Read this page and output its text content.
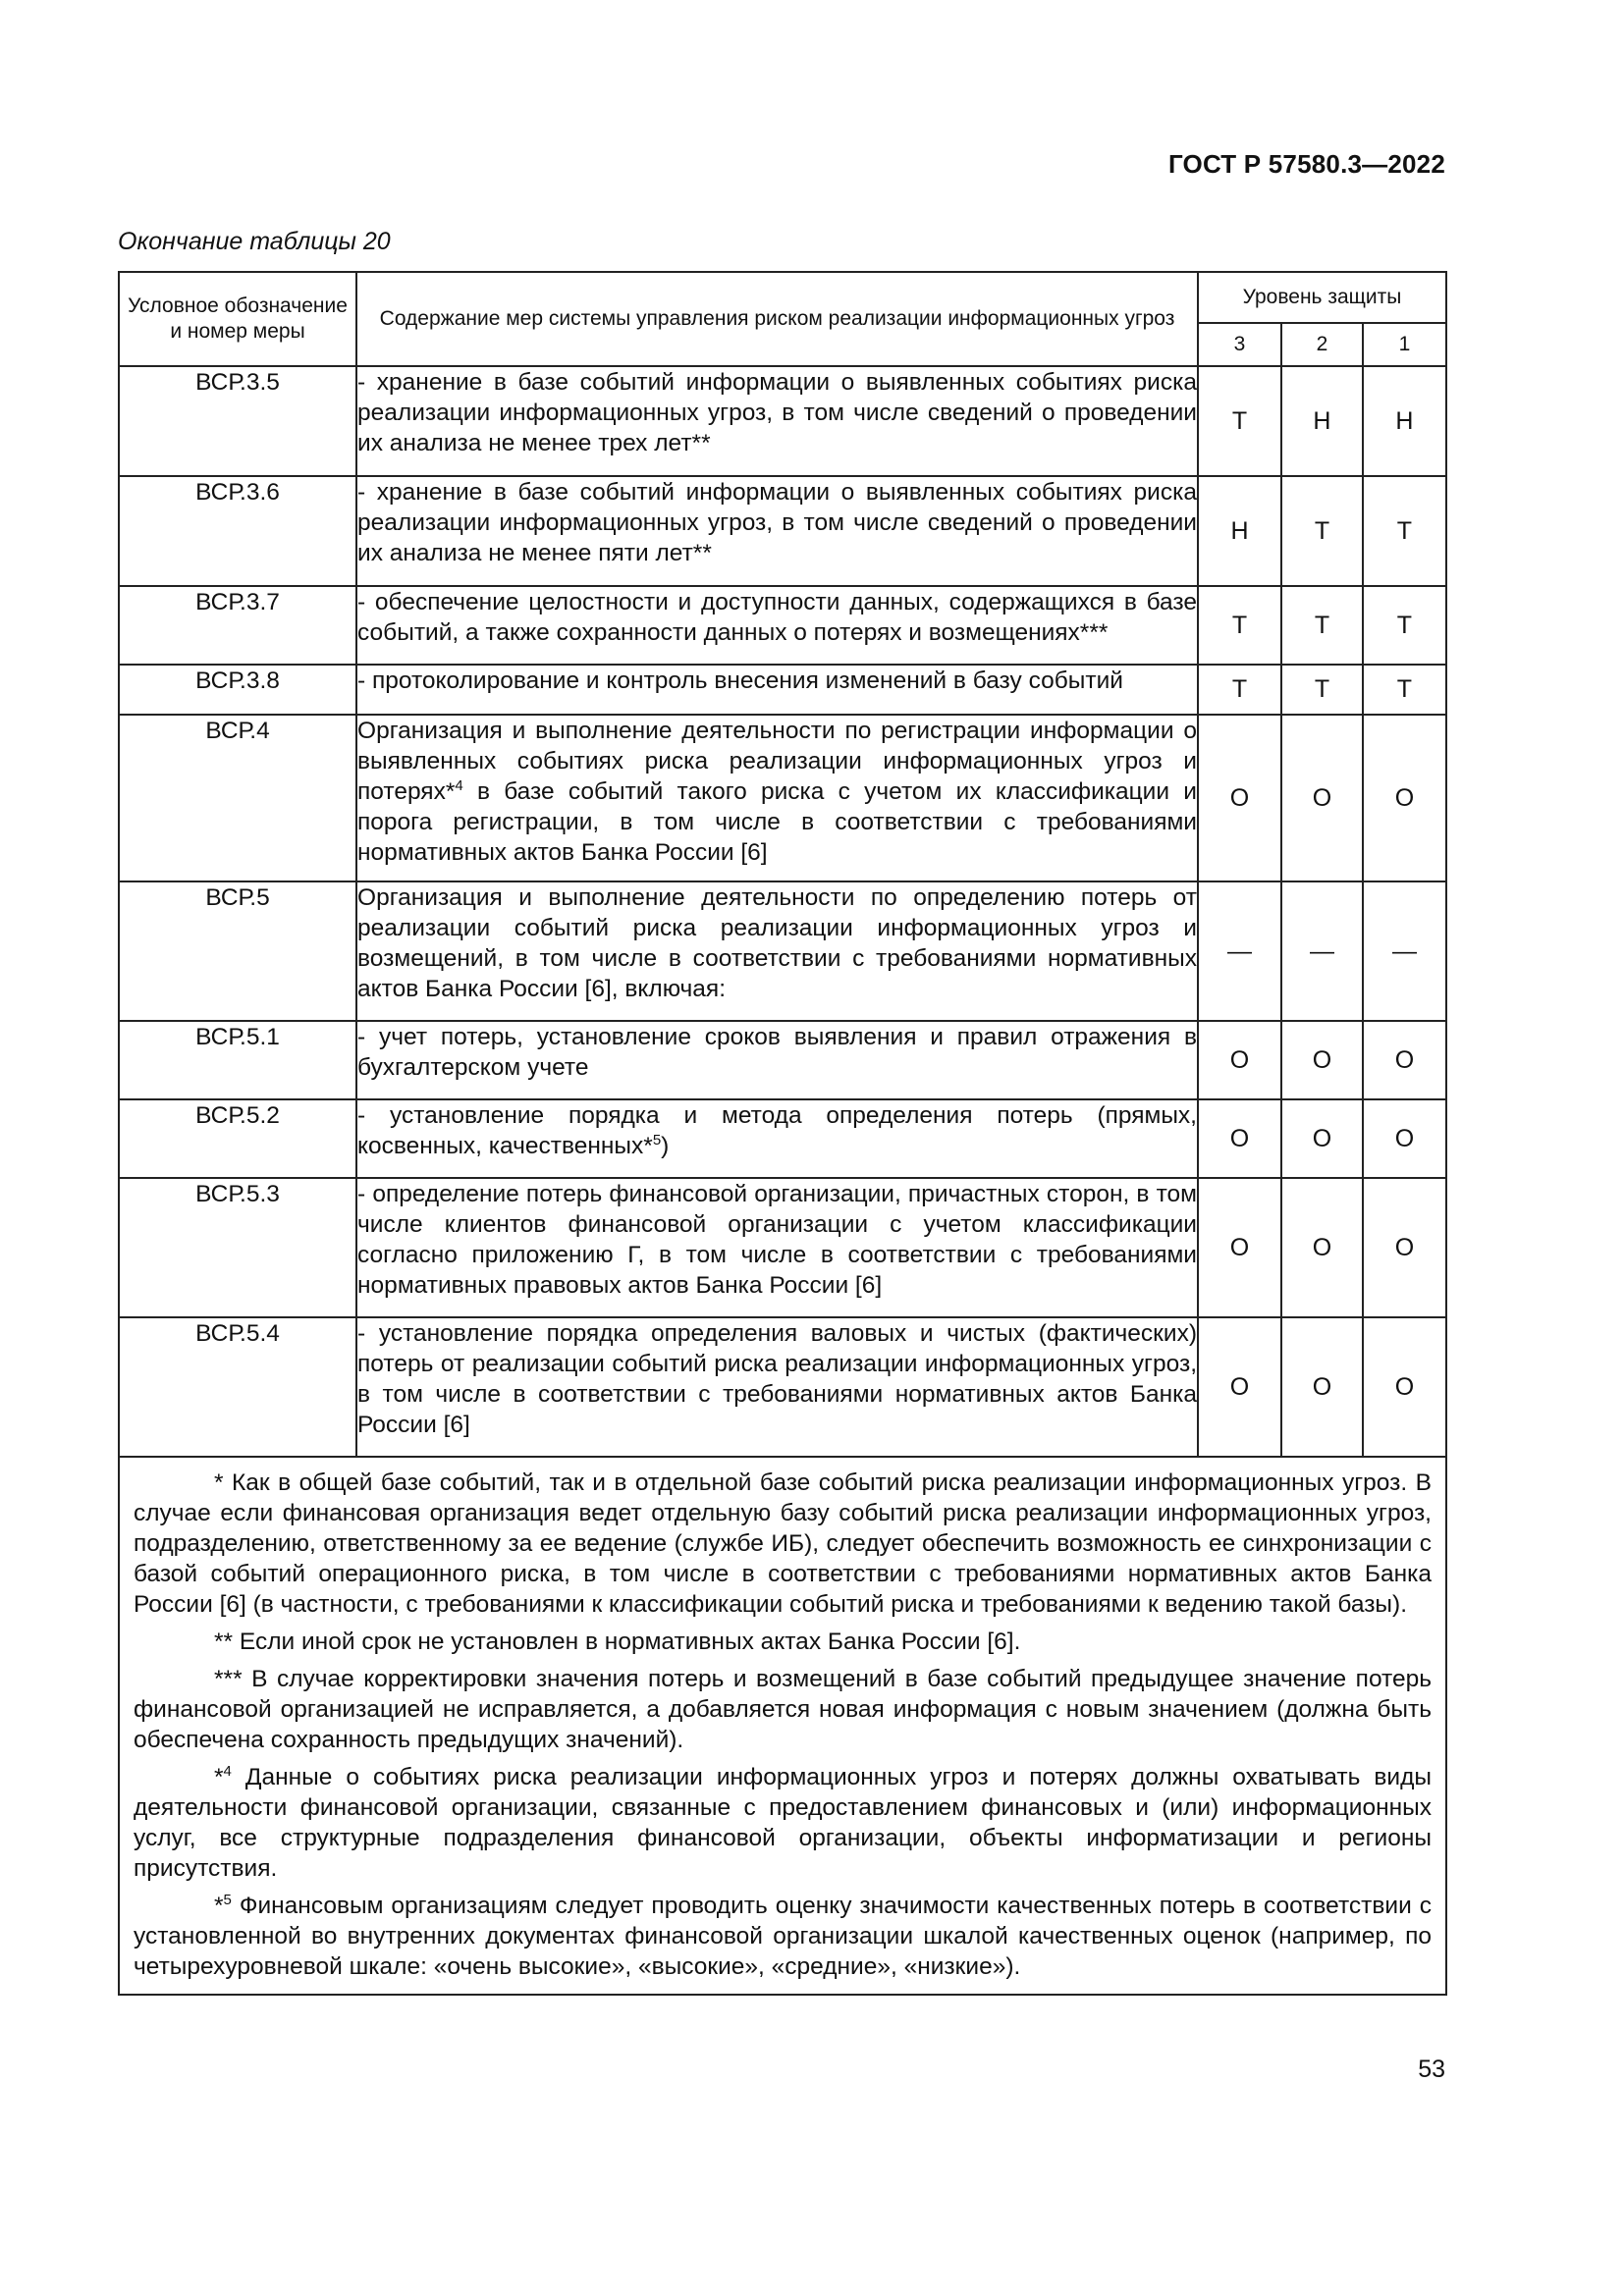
ГОСТ Р 57580.3—2022
Окончание таблицы 20
Условное обозначение и номер меры	Содержание мер системы управления риском реализации информационных угроз	Уровень защиты		
		3	2	1
ВСР.3.5	- хранение в базе событий информации о выявленных событиях риска реализации информационных угроз, в том числе сведений о проведении их анализа не менее трех лет**	Т	Н	Н
ВСР.3.6	- хранение в базе событий информации о выявленных событиях риска реализации информационных угроз, в том числе сведений о проведении их анализа не менее пяти лет**	Н	Т	Т
ВСР.3.7	- обеспечение целостности и доступности данных, содержащихся в базе событий, а также сохранности данных о потерях и возмещениях***	Т	Т	Т
ВСР.3.8	- протоколирование и контроль внесения изменений в базу событий	Т	Т	Т
ВСР.4	Организация и выполнение деятельности по регистрации информации о выявленных событиях риска реализации информационных угроз и потерях*$^4$ в базе событий такого риска с учетом их классификации и порога регистрации, в том числе в соответствии с требованиями нормативных актов Банка России [6]	О	О	О
ВСР.5	Организация и выполнение деятельности по определению потерь от реализации событий риска реализации информационных угроз и возмещений, в том числе в соответствии с требованиями нормативных актов Банка России [6], включая:	—	—	—
ВСР.5.1	- учет потерь, установление сроков выявления и правил отражения в бухгалтерском учете	О	О	О
ВСР.5.2	- установление порядка и метода определения потерь (прямых, косвенных, качественных*$^5$)	О	О	О
ВСР.5.3	- определение потерь финансовой организации, причастных сторон, в том числе клиентов финансовой организации с учетом классификации согласно приложению Г, в том числе в соответствии с требованиями нормативных правовых актов Банка России [6]	О	О	О
ВСР.5.4	- установление порядка определения валовых и чистых (фактических) потерь от реализации событий риска реализации информационных угроз, в том числе в соответствии с требованиями нормативных актов Банка России [6]	О	О	О

* Как в общей базе событий, так и в отдельной базе событий риска реализации информационных угроз. В случае если финансовая организация ведет отдельную базу событий риска реализации информационных угроз, подразделению, ответственному за ее ведение (службе ИБ), следует обеспечить возможность ее синхронизации с базой событий операционного риска, в том числе в соответствии с требованиями нормативных актов Банка России [6] (в частности, с требованиями к классификации событий риска и требованиями к ведению такой базы).

** Если иной срок не установлен в нормативных актах Банка России [6].

*** В случае корректировки значения потерь и возмещений в базе событий предыдущее значение потерь финансовой организацией не исправляется, а добавляется новая информация с новым значением (должна быть обеспечена сохранность предыдущих значений).

*$^4$ Данные о событиях риска реализации информационных угроз и потерях должны охватывать виды деятельности финансовой организации, связанные с предоставлением финансовых и (или) информационных услуг, все структурные подразделения финансовой организации, объекты информатизации и регионы присутствия.

*$^5$ Финансовым организациям следует проводить оценку значимости качественных потерь в соответствии с установленной во внутренних документах финансовой организации шкалой качественных оценок (например, по четырехуровневой шкале: «очень высокие», «высокие», «средние», «низкие»).

53
